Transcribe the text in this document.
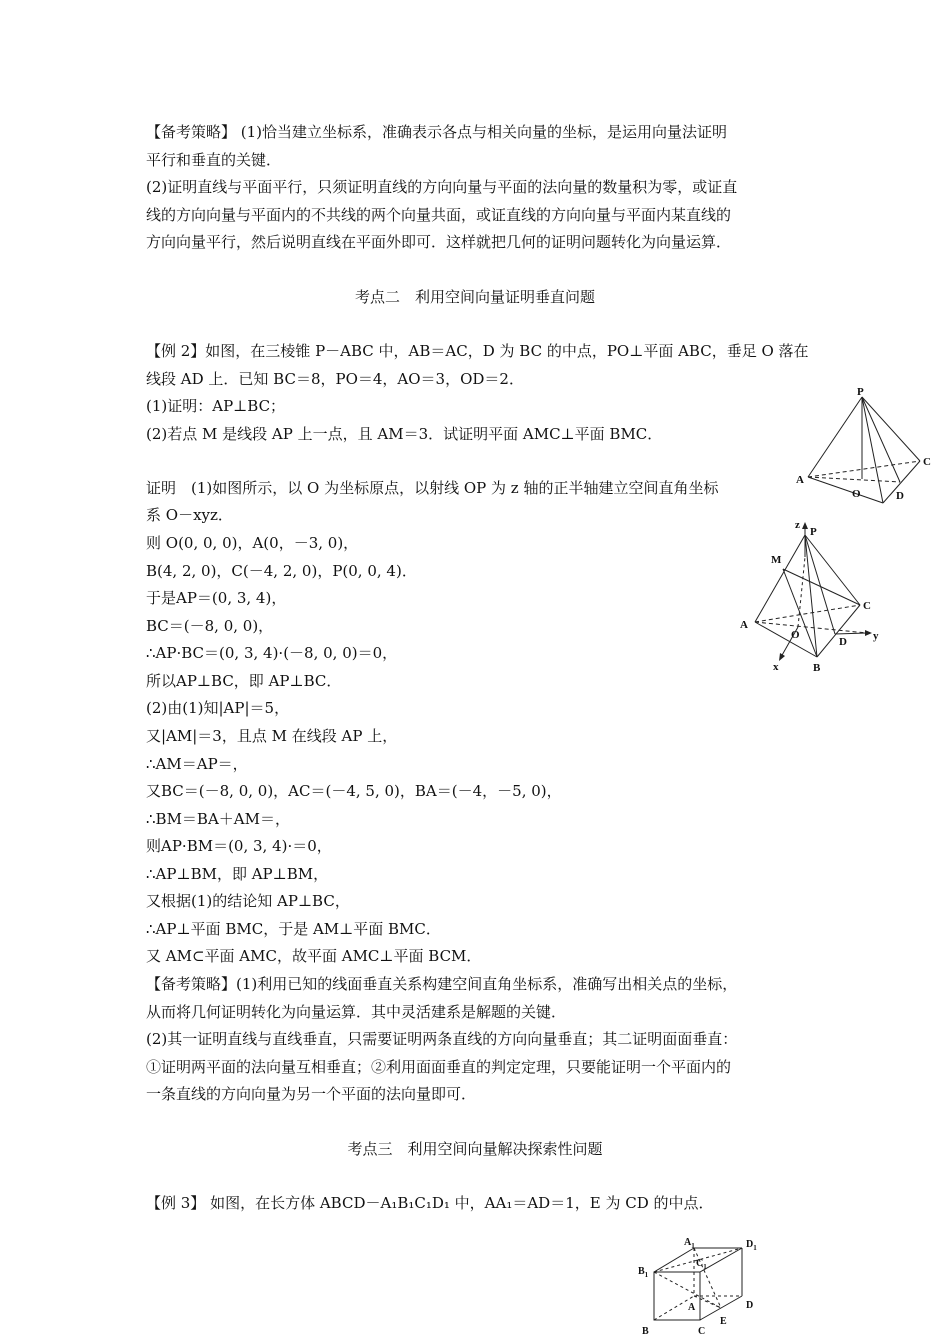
【备考策略】 (1)恰当建立坐标系，准确表示各点与相关向量的坐标，是运用向量法证明
平行和垂直的关键．
(2)证明直线与平面平行，只须证明直线的方向向量与平面的法向量的数量积为零，或证直
线的方向向量与平面内的不共线的两个向量共面，或证直线的方向向量与平面内某直线的
方向向量平行，然后说明直线在平面外即可．这样就把几何的证明问题转化为向量运算．
考点二　利用空间向量证明垂直问题
【例 2】如图，在三棱锥 P－ABC 中，AB＝AC，D 为 BC 的中点，PO⊥平面 ABC，垂足 O 落在
线段 AD 上．已知 BC＝8，PO＝4，AO＝3，OD＝2．
(1)证明：AP⊥BC；
(2)若点 M 是线段 AP 上一点，且 AM＝3．试证明平面 AMC⊥平面 BMC．
证明　(1)如图所示，以 O 为坐标原点，以射线 OP 为 z 轴的正半轴建立空间直角坐标
系 O－xyz．
则 O(0, 0, 0)，A(0，－3, 0)，
B(4, 2, 0)，C(－4, 2, 0)，P(0, 0, 4)．
于是AP＝(0, 3, 4)，
BC＝(－8, 0, 0)，
∴AP·BC＝(0, 3, 4)·(－8, 0, 0)＝0，
所以AP⊥BC，即 AP⊥BC．
(2)由(1)知|AP|＝5，
又|AM|＝3，且点 M 在线段 AP 上，
∴AM＝AP＝，
又BC＝(－8, 0, 0)，AC＝(－4, 5, 0)，BA＝(－4，－5, 0)，
∴BM＝BA＋AM＝，
则AP·BM＝(0, 3, 4)·＝0，
∴AP⊥BM，即 AP⊥BM，
又根据(1)的结论知 AP⊥BC，
∴AP⊥平面 BMC，于是 AM⊥平面 BMC．
又 AM⊂平面 AMC，故平面 AMC⊥平面 BCM．
【备考策略】(1)利用已知的线面垂直关系构建空间直角坐标系，准确写出相关点的坐标，
从而将几何证明转化为向量运算．其中灵活建系是解题的关键．
(2)其一证明直线与直线垂直，只需要证明两条直线的方向向量垂直；其二证明面面垂直：
①证明两平面的法向量互相垂直；②利用面面垂直的判定定理，只要能证明一个平面内的
一条直线的方向向量为另一个平面的法向量即可．
考点三　利用空间向量解决探索性问题
【例 3】 如图，在长方体 ABCD－A₁B₁C₁D₁ 中，AA₁＝AD＝1，E 为 CD 的中点．
P
A
C
O	D
z
P
M
C
A
O
D y
B
x
$A_1$	$D_1$
$B_1$
$C_1$
A	D
E
B	C
